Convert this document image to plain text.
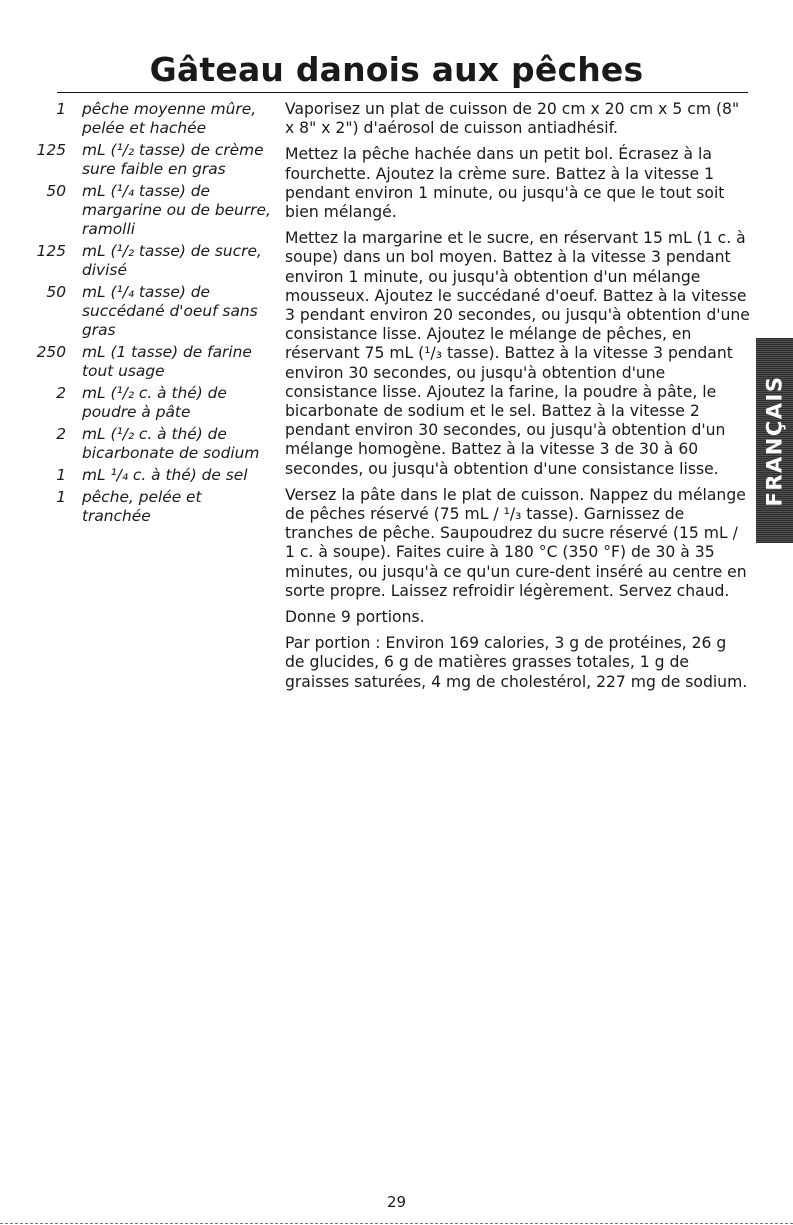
Gâteau danois aux pêches
1	pêche moyenne mûre, pelée et hachée
125	mL (¹/₂ tasse) de crème sure faible en gras
50	mL (¹/₄ tasse) de margarine ou de beurre, ramolli
125	mL (¹/₂ tasse) de sucre, divisé
50	mL (¹/₄ tasse) de succédané d'oeuf sans gras
250	mL (1 tasse) de farine tout usage
2	mL (¹/₂ c. à thé) de poudre à pâte
2	mL (¹/₂ c. à thé) de bicarbonate de sodium
1	mL ¹/₄ c. à thé) de sel
1	pêche, pelée et tranchée

Vaporisez un plat de cuisson de 20 cm x 20 cm x 5 cm (8" x 8" x 2") d'aérosol de cuisson antiadhésif.

Mettez la pêche hachée dans un petit bol. Écrasez à la fourchette. Ajoutez la crème sure. Battez à la vitesse 1 pendant environ 1 minute, ou jusqu'à ce que le tout soit bien mélangé.

Mettez la margarine et le sucre, en réservant 15 mL (1 c. à soupe) dans un bol moyen. Battez à la vitesse 3 pendant environ 1 minute, ou jusqu'à obtention d'un mélange mousseux. Ajoutez le succédané d'oeuf. Battez à la vitesse 3 pendant environ 20 secondes, ou jusqu'à obtention d'une consistance lisse. Ajoutez le mélange de pêches, en réservant 75 mL (¹/₃ tasse). Battez à la vitesse 3 pendant environ 30 secondes, ou jusqu'à obtention d'une consistance lisse. Ajoutez la farine, la poudre à pâte, le bicarbonate de sodium et le sel. Battez à la vitesse 2 pendant environ 30 secondes, ou jusqu'à obtention d'un mélange homogène. Battez à la vitesse 3 de 30 à 60 secondes, ou jusqu'à obtention d'une consistance lisse.

Versez la pâte dans le plat de cuisson. Nappez du mélange de pêches réservé (75 mL / ¹/₃ tasse). Garnissez de tranches de pêche. Saupoudrez du sucre réservé (15 mL / 1 c. à soupe). Faites cuire à 180 °C (350 °F) de 30 à 35 minutes, ou jusqu'à ce qu'un cure-dent inséré au centre en sorte propre. Laissez refroidir légèrement. Servez chaud.

Donne 9 portions.

Par portion : Environ 169 calories, 3 g de protéines, 26 g de glucides, 6 g de matières grasses totales, 1 g de graisses saturées, 4 mg de cholestérol, 227 mg de sodium.

FRANÇAIS
29
